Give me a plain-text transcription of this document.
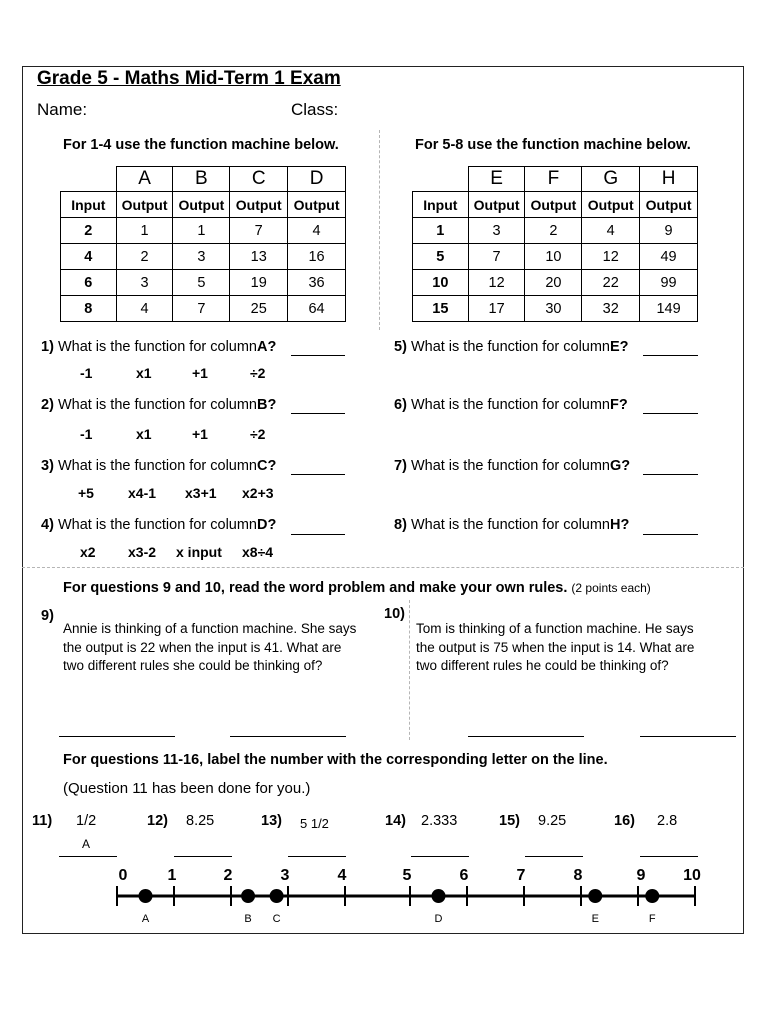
Grade 5 - Maths Mid-Term 1 Exam
Name:	Class:
For 1-4 use the function machine below.	For 5-8 use the function machine below.
	A	B	C	D
Input	Output	Output	Output	Output
2	1	1	7	4
4	2	3	13	16
6	3	5	19	36
8	4	7	25	64
	E	F	G	H
Input	Output	Output	Output	Output
1	3	2	4	9
5	7	10	12	49
10	12	20	22	99
15	17	30	32	149
1) What is the function for columnA?
-1	x1	+1	÷2
2) What is the function for columnB?
-1	x1	+1	÷2
3) What is the function for columnC?
+5 x4-1 x3+1 x2+3
4) What is the function for columnD?
x2 x3-2 x input x8÷4
5) What is the function for columnE?
6) What is the function for columnF?
7) What is the function for columnG?
8) What is the function for columnH?
For questions 9 and 10, read the word problem and make your own rules. (2 points each)
9)
Annie is thinking of a function machine. She says the output is 22 when the input is 41. What are two different rules she could be thinking of?
10)
Tom is thinking of a function machine. He says the output is 75 when the input is 14. What are two different rules he could be thinking of?
For questions 11-16, label the number with the corresponding letter on the line.
(Question 11 has been done for you.)
11) 1/2
A
12) 8.25	13) 5 1/2	14) 2.333	15) 9.25	16) 2.8
0	1	2	3	4	5	6	7	8	9 10
A	B C	D	E	F
